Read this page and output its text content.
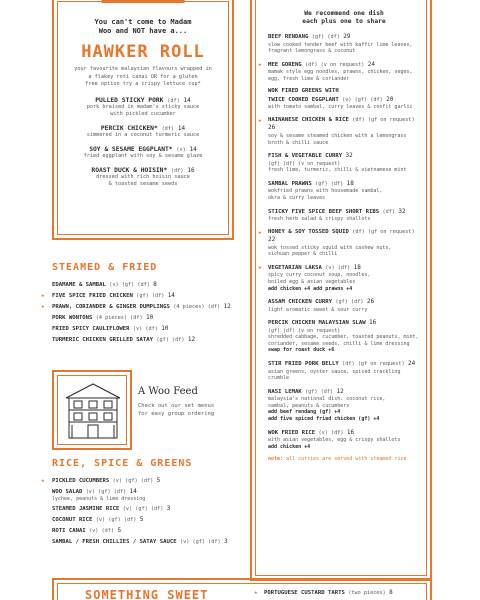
You can't come to Madam
Woo and NOT have a...
HAWKER ROLL
your favourite malaysian flavours wrapped in
a flakey roti canai OR for a gluten
free option try a crispy lettuce cup*
PULLED STICKY PORK (df) 14
pork braised in madam's sticky sauce
with pickled cucumber
PERCIK CHICKEN* (df) 14
simmered in a coconut turmeric sauce
SOY & SESAME EGGPLANT* (v) 14
fried eggplant with soy & sesame glaze
ROAST DUCK & HOISIN* (df) 16
dressed with rich hoisin sauce
& toasted sesame seeds
STEAMED & FRIED
EDAMAME & SAMBAL (v) (gf) (df) 8
★ FIVE SPICE FRIED CHICKEN (gf) (df) 14
★ PRAWN, CORIANDER & GINGER DUMPLINGS (4 pieces) (df) 12
PORK WONTONS (4 pieces) (df) 10
FRIED SPICY CAULIFLOWER (v) (df) 10
TURMERIC CHICKEN GRILLED SATAY (gf) (df) 12
A Woo Feed
Check out our set menus
for easy group ordering
RICE, SPICE & GREENS
★ PICKLED CUCUMBERS (v) (gf) (df) 5
WOO SALAD (v) (gf) (df) 14
lychee, peanuts & lime dressing
STEAMED JASMINE RICE (v) (gf) (df) 3
COCONUT RICE (v) (gf) (df) 5
ROTI CANAI (v) (df) 5
SAMBAL / FRESH CHILLIES / SATAY SAUCE (v) (gf) (df) 3
We recommend one dish
each plus one to share
BEEF RENDANG (gf) (df) 29
slow cooked tender beef with kaffir lime leaves,
fragrant lemongrass & coconut
★ MEE GORENG (df) (v on request) 24
mamak style egg noodles, prawns, chicken, veges,
egg, fresh lime & coriander
WOK FIRED GREENS WITH
TWICE COOKED EGGPLANT (v) (gf) (df) 20
with tomato sambal, curry leaves & confit garlic
★ HAINANESE CHICKEN & RICE (df) (gf on request) 26
soy & sesame steamed chicken with a lemongrass
broth & chilli sauce
FISH & VEGETABLE CURRY 32
(gf) (df) (v on request)
fresh lime, turmeric, chilli & vietnamese mint
SAMBAL PRAWNS (gf) (df) 18
wokfried prawns with housemade sambal,
okra & curry leaves
STICKY FIVE SPICE BEEF SHORT RIBS (df) 32
fresh herb salad & crispy shallots
★ HONEY & SOY TOSSED SQUID (df) (gf on request) 22
wok tossed sticky squid with cashew nuts,
sichuan pepper & chilli
★ VEGETARIAN LAKSA (v) (df) 18
spicy curry coconut soup, noodles,
boiled egg & asian vegetables
add chicken +4 add prawns +4
ASSAM CHICKEN CURRY (gf) (df) 26
light aromatic sweet & sour curry
PERCIK CHICKEN MALAYSIAN SLAW 16
(gf) (df) (v on request)
shredded cabbage, cucumber, toasted peanuts, mint,
coriander, sesame seeds, chilli & lime dressing
swap for roast duck +6
STIR FRIED PORK BELLY (df) (gf on request) 24
asian greens, oyster sauce, spiced crackling crumble
NASI LEMAK (gf) (df) 12
malaysia's national dish. coconut rice,
sambal, peanuts & cucumbers
add beef rendang (gf) +4
add five spiced fried chicken (gf) +4
WOK FRIED RICE (v) (df) 16
with asian vegetables, egg & crispy shallots
add chicken +4
note: all curries are served with steamed rice
SOMETHING SWEET	★ PORTUGUESE CUSTARD TARTS (two pieces) 8
